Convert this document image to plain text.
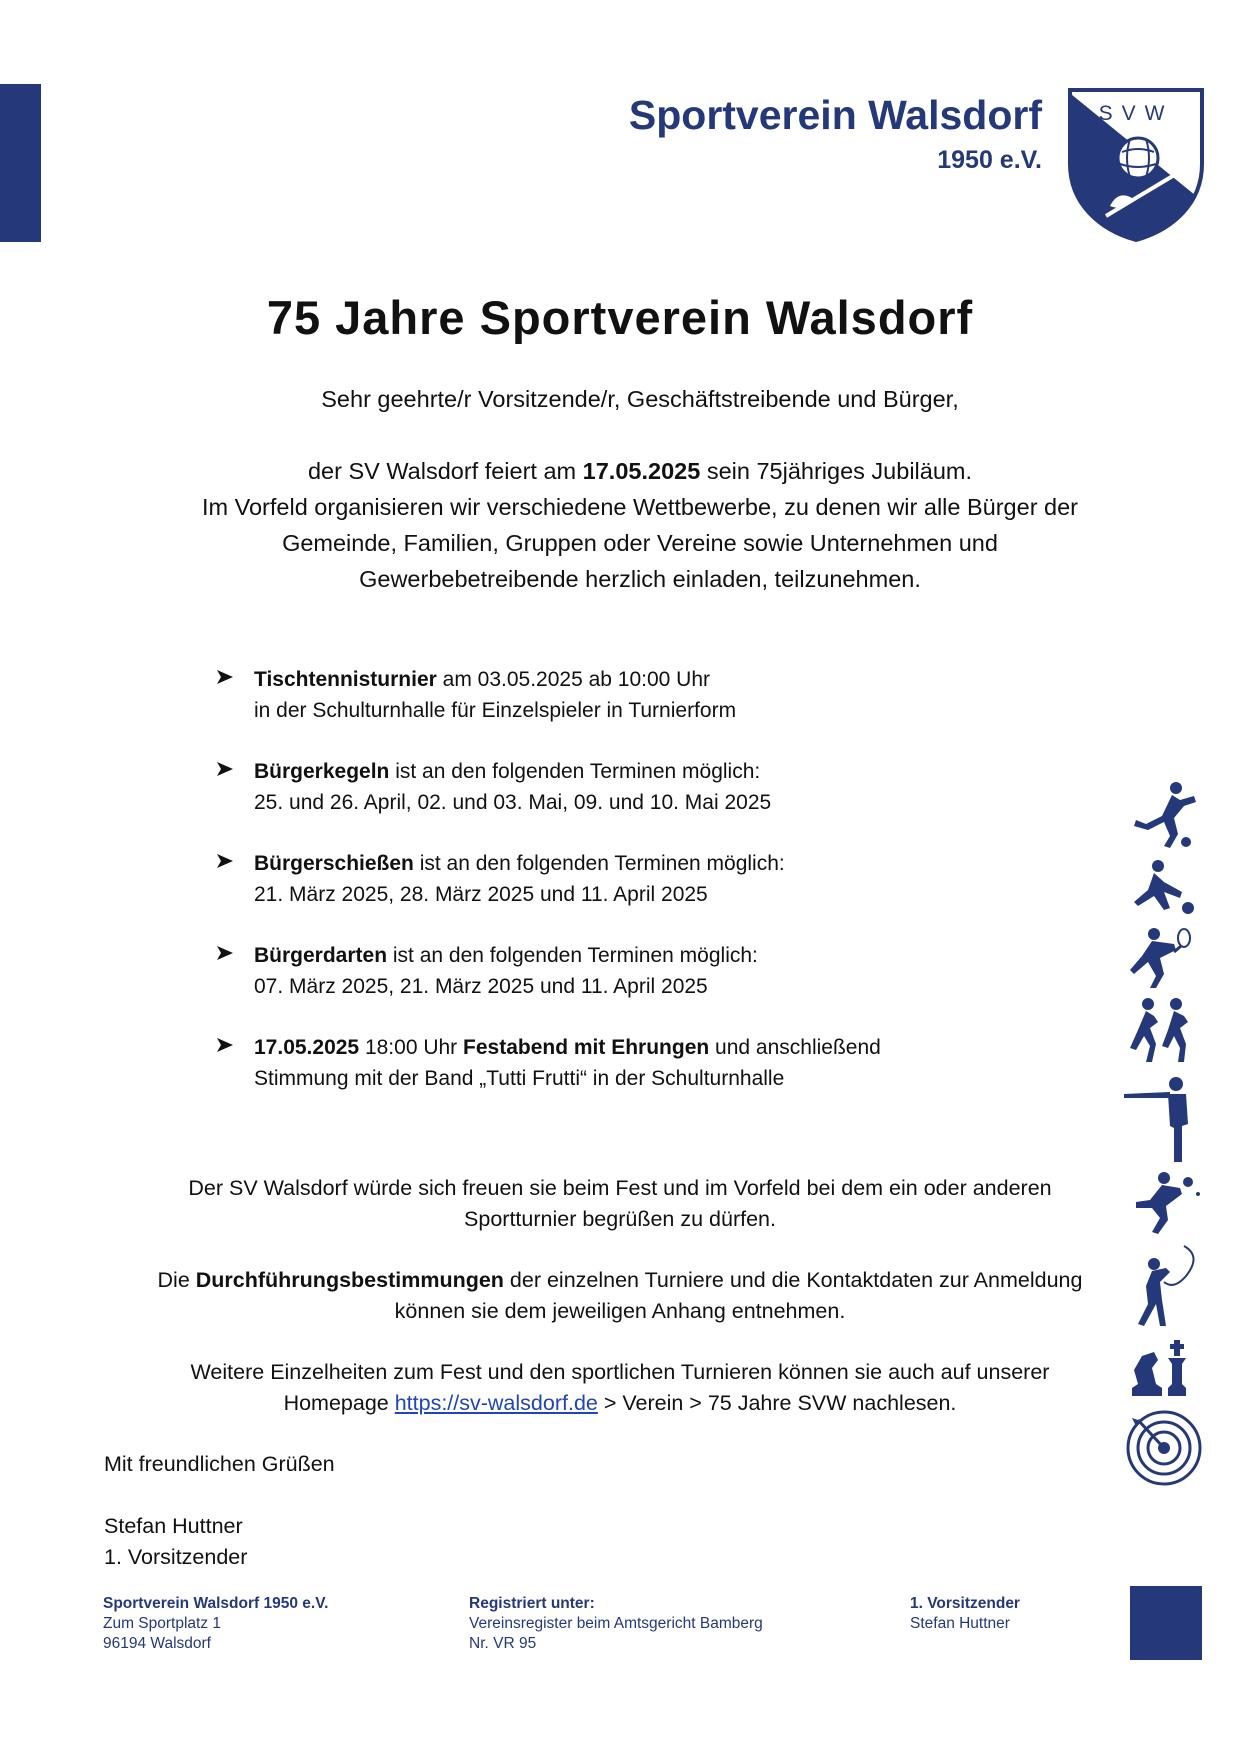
Sportverein Walsdorf
1950 e.V.
SVW
75 Jahre Sportverein Walsdorf
Sehr geehrte/r Vorsitzende/r, Geschäftstreibende und Bürger,
der SV Walsdorf feiert am 17.05.2025 sein 75jähriges Jubiläum.
Im Vorfeld organisieren wir verschiedene Wettbewerbe, zu denen wir alle Bürger der
Gemeinde, Familien, Gruppen oder Vereine sowie Unternehmen und
Gewerbebetreibende herzlich einladen, teilzunehmen.
Tischtennisturnier am 03.05.2025 ab 10:00 Uhr
in der Schulturnhalle für Einzelspieler in Turnierform
Bürgerkegeln ist an den folgenden Terminen möglich:
25. und 26. April, 02. und 03. Mai, 09. und 10. Mai 2025
Bürgerschießen ist an den folgenden Terminen möglich:
21. März 2025, 28. März 2025 und 11. April 2025
Bürgerdarten ist an den folgenden Terminen möglich:
07. März 2025, 21. März 2025 und 11. April 2025
17.05.2025 18:00 Uhr Festabend mit Ehrungen und anschließend
Stimmung mit der Band „Tutti Frutti“ in der Schulturnhalle
Der SV Walsdorf würde sich freuen sie beim Fest und im Vorfeld bei dem ein oder anderen
Sportturnier begrüßen zu dürfen.
Die Durchführungsbestimmungen der einzelnen Turniere und die Kontaktdaten zur Anmeldung
können sie dem jeweiligen Anhang entnehmen.
Weitere Einzelheiten zum Fest und den sportlichen Turnieren können sie auch auf unserer
Homepage https://sv-walsdorf.de > Verein > 75 Jahre SVW nachlesen.
Mit freundlichen Grüßen
Stefan Huttner
1. Vorsitzender
Sportverein Walsdorf 1950 e.V.
Zum Sportplatz 1
96194 Walsdorf
Registriert unter:
Vereinsregister beim Amtsgericht Bamberg
Nr. VR 95
1. Vorsitzender
Stefan Huttner
